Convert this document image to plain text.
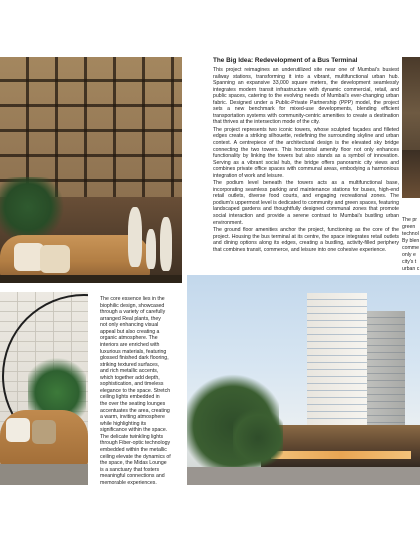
The Big Idea: Redevelopment of a Bus Terminal

This project reimagines an underutilized site near one of Mumbai's busiest railway stations, transforming it into a vibrant, multifunctional urban hub. Spanning an expansive 33,000 square meters, the development seamlessly integrates modern transit infrastructure with dynamic commercial, retail, and public spaces, catering to the evolving needs of Mumbai's ever-changing urban fabric. Designed under a Public-Private Partnership (PPP) model, the project sets a new benchmark for mixed-use developments, blending efficient transportation systems with community-centric amenities to create a destination that thrives at the intersection mode of the city.

The project represents two iconic towers, whose sculpted façades and filleted edges create a striking silhouette, redefining the surrounding skyline and urban context. A centrepiece of the architectural design is the elevated sky bridge connecting the two towers. This horizontal amenity floor not only enhances functionality by linking the towers but also stands as a symbol of innovation. Serving as a vibrant social hub, the bridge offers panoramic city views and combines private office spaces with communal areas, embodying a harmonious integration of work and leisure.

The podium level beneath the towers acts as a multifunctional base, incorporating seamless parking and maintenance stations for buses, high-end retail outlets, diverse food courts, and engaging recreational zones. The podium's uppermost level is dedicated to community and green spaces, featuring landscaped gardens and thoughtfully designed communal zones that promote social interaction and provide a serene contrast to Mumbai's bustling urban environment.

The ground floor amenities anchor the project, functioning as the core of the project. Housing the bus terminal at its centre, the space integrates retail outlets and dining options along its edges, creating a bustling, activity-filled periphery that combines transit, commerce, and leisure into one cohesive experience.

The pr
green
technol
By blen
comme
only e
city's t
urban c
The core essence lies in the
biophilic design, showcased
through a variety of carefully
arranged Real plants, they
not only enhancing visual
appeal but also creating a
organic atmosphere. The
interiors are enriched with
luxurious materials, featuring
glossed finished dark flooring,
striking textured surfaces,
and rich metallic accents,
which together add depth,
sophistication, and timeless
elegance to the space. Stretch
ceiling lights embedded in
the over the seating lounges
accentuates the area, creating
a warm, inviting atmosphere
while highlighting its
significance within the space.
The delicate twinkling lights
through Fiber-optic technology
embedded within the metallic
ceiling elevate the dynamics of
the space, the Midas Lounge
is a sanctuary that fosters
meaningful connections and
memorable experiences.
